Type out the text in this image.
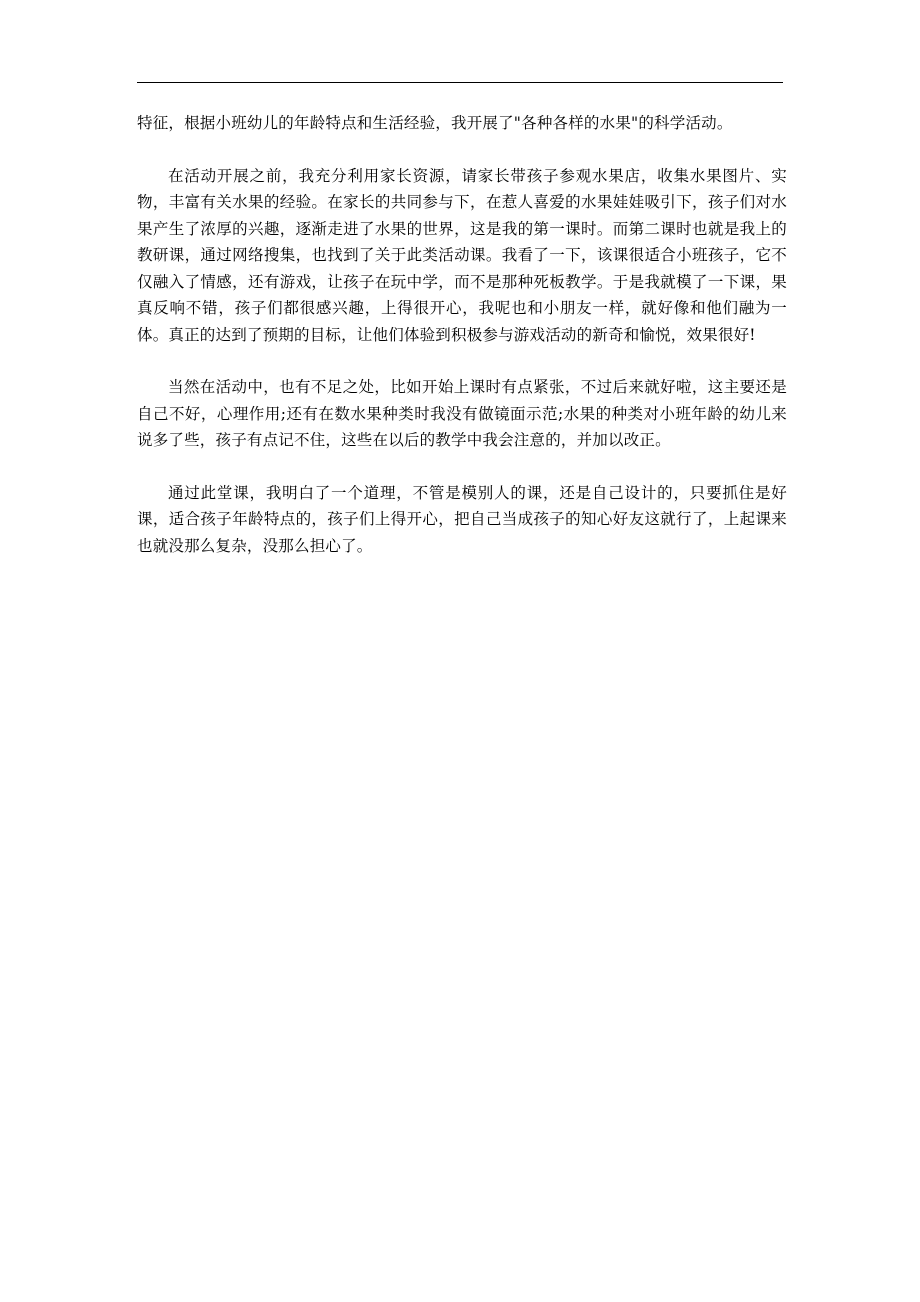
特征，根据小班幼儿的年龄特点和生活经验，我开展了"各种各样的水果"的科学活动。

在活动开展之前，我充分利用家长资源，请家长带孩子参观水果店，收集水果图片、实物，丰富有关水果的经验。在家长的共同参与下，在惹人喜爱的水果娃娃吸引下，孩子们对水果产生了浓厚的兴趣，逐渐走进了水果的世界，这是我的第一课时。而第二课时也就是我上的教研课，通过网络搜集，也找到了关于此类活动课。我看了一下，该课很适合小班孩子，它不仅融入了情感，还有游戏，让孩子在玩中学，而不是那种死板教学。于是我就模了一下课，果真反响不错，孩子们都很感兴趣，上得很开心，我呢也和小朋友一样，就好像和他们融为一体。真正的达到了预期的目标，让他们体验到积极参与游戏活动的新奇和愉悦，效果很好!

当然在活动中，也有不足之处，比如开始上课时有点紧张，不过后来就好啦，这主要还是自己不好，心理作用;还有在数水果种类时我没有做镜面示范;水果的种类对小班年龄的幼儿来说多了些，孩子有点记不住，这些在以后的教学中我会注意的，并加以改正。

通过此堂课，我明白了一个道理，不管是模别人的课，还是自己设计的，只要抓住是好课，适合孩子年龄特点的，孩子们上得开心，把自己当成孩子的知心好友这就行了，上起课来也就没那么复杂，没那么担心了。
